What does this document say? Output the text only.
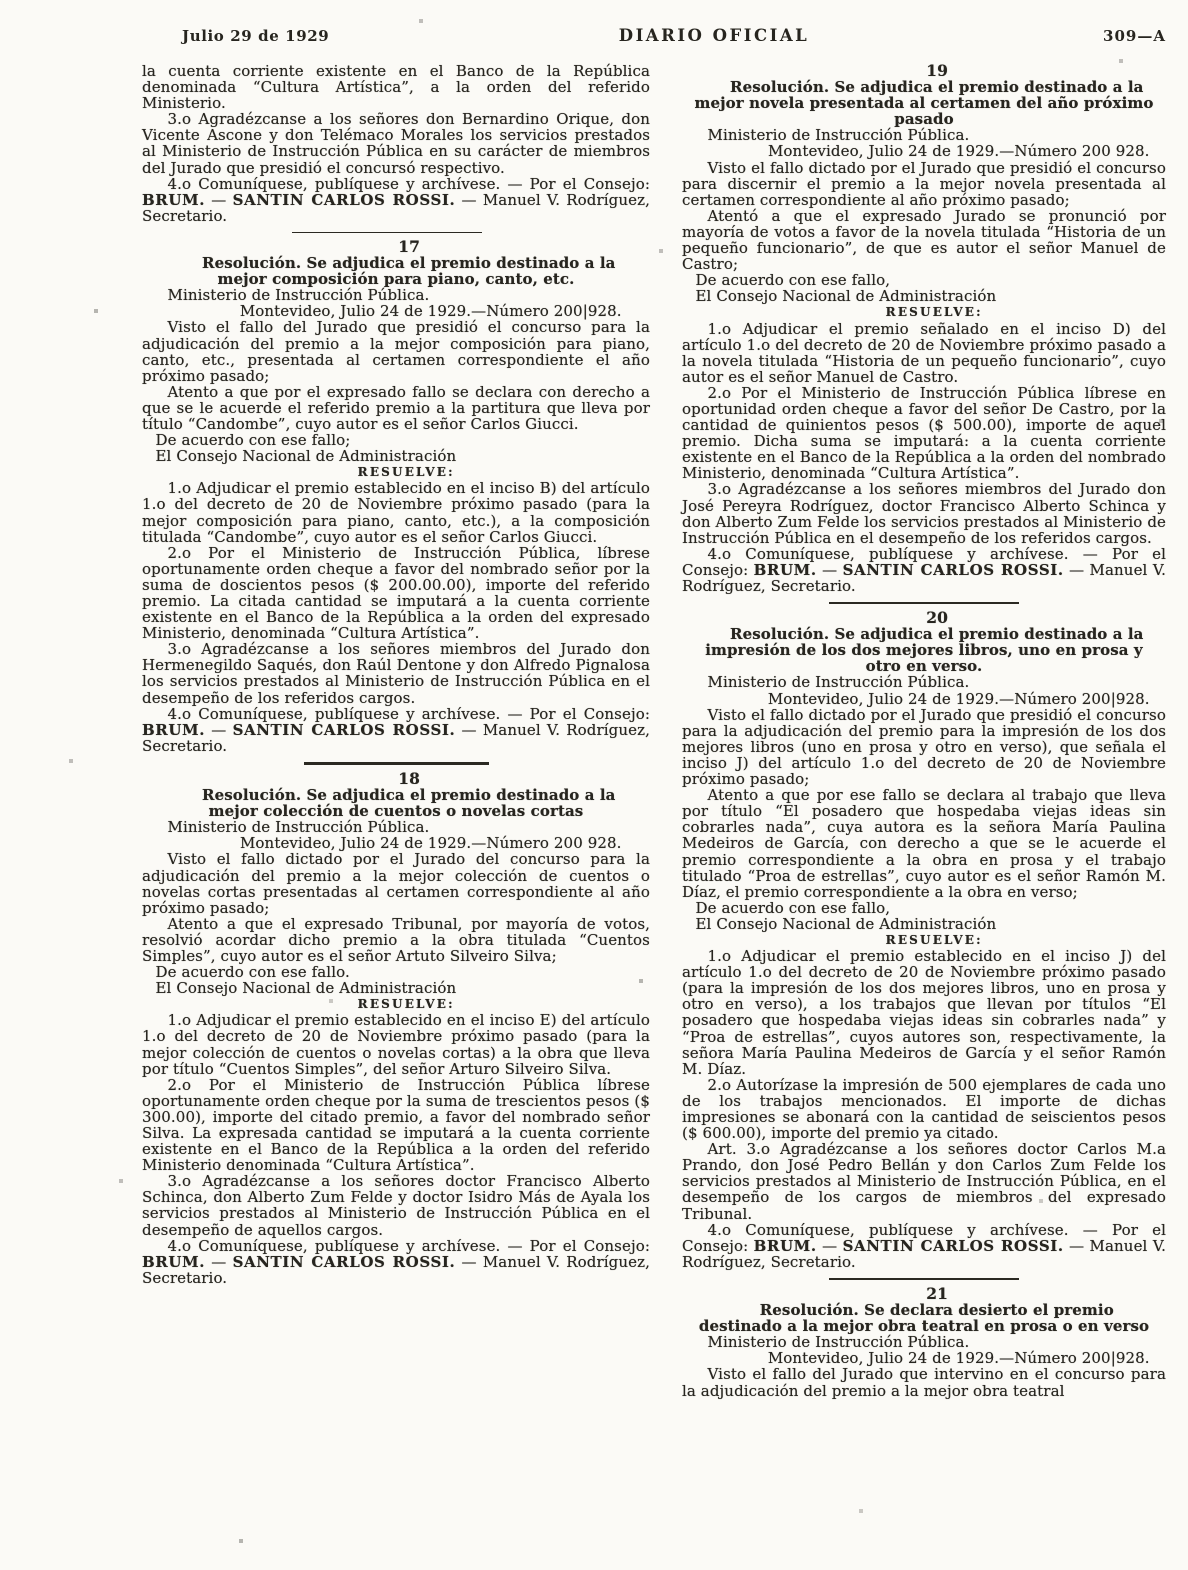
Julio 29 de 1929	DIARIO OFICIAL	309—A

la cuenta corriente existente en el Banco de la República denominada “Cultura Artística”, a la orden del referido Ministerio.

3.o Agradézcanse a los señores don Bernardino Orique, don Vicente Ascone y don Telémaco Morales los servicios prestados al Ministerio de Instrucción Pública en su carácter de miembros del Jurado que presidió el concursó respectivo.

4.o Comuníquese, publíquese y archívese. — Por el Consejo: BRUM. — SANTIN CARLOS ROSSI. — Manuel V. Rodríguez, Secretario.

17

Resolución. Se adjudica el premio destinado a la mejor composición para piano, canto, etc.

Ministerio de Instrucción Pública.

Montevideo, Julio 24 de 1929.—Número 200|928.

Visto el fallo del Jurado que presidió el concurso para la adjudicación del premio a la mejor composición para piano, canto, etc., presentada al certamen correspondiente el año próximo pasado;

Atento a que por el expresado fallo se declara con derecho a que se le acuerde el referido premio a la partitura que lleva por título “Candombe”, cuyo autor es el señor Carlos Giucci.

De acuerdo con ese fallo;

El Consejo Nacional de Administración

RESUELVE:

1.o Adjudicar el premio establecido en el inciso B) del artículo 1.o del decreto de 20 de Noviembre próximo pasado (para la mejor composición para piano, canto, etc.), a la composición titulada “Candombe”, cuyo autor es el señor Carlos Giucci.

2.o Por el Ministerio de Instrucción Pública, líbrese oportunamente orden cheque a favor del nombrado señor por la suma de doscientos pesos ($ 200.00.00), importe del referido premio. La citada cantidad se imputará a la cuenta corriente existente en el Banco de la República a la orden del expresado Ministerio, denominada “Cultura Artística”.

3.o Agradézcanse a los señores miembros del Jurado don Hermenegildo Saqués, don Raúl Dentone y don Alfredo Pignalosa los servicios prestados al Ministerio de Instrucción Pública en el desempeño de los referidos cargos.

4.o Comuníquese, publíquese y archívese. — Por el Consejo: BRUM. — SANTIN CARLOS ROSSI. — Manuel V. Rodríguez, Secretario.

18

Resolución. Se adjudica el premio destinado a la mejor colección de cuentos o novelas cortas

Ministerio de Instrucción Pública.

Montevideo, Julio 24 de 1929.—Número 200 928.

Visto el fallo dictado por el Jurado del concurso para la adjudicación del premio a la mejor colección de cuentos o novelas cortas presentadas al certamen correspondiente al año próximo pasado;

Atento a que el expresado Tribunal, por mayoría de votos, resolvió acordar dicho premio a la obra titulada “Cuentos Simples”, cuyo autor es el señor Artuto Silveiro Silva;

De acuerdo con ese fallo.

El Consejo Nacional de Administración

RESUELVE:

1.o Adjudicar el premio establecido en el inciso E) del artículo 1.o del decreto de 20 de Noviembre próximo pasado (para la mejor colección de cuentos o novelas cortas) a la obra que lleva por título “Cuentos Simples”, del señor Arturo Silveiro Silva.

2.o Por el Ministerio de Instrucción Pública líbrese oportunamente orden cheque por la suma de trescientos pesos ($ 300.00), importe del citado premio, a favor del nombrado señor Silva. La expresada cantidad se imputará a la cuenta corriente existente en el Banco de la República a la orden del referido Ministerio denominada “Cultura Artística”.

3.o Agradézcanse a los señores doctor Francisco Alberto Schinca, don Alberto Zum Felde y doctor Isidro Más de Ayala los servicios prestados al Ministerio de Instrucción Pública en el desempeño de aquellos cargos.

4.o Comuníquese, publíquese y archívese. — Por el Consejo: BRUM. — SANTIN CARLOS ROSSI. — Manuel V. Rodríguez, Secretario.

19

Resolución. Se adjudica el premio destinado a la mejor novela presentada al certamen del año próximo pasado

Ministerio de Instrucción Pública.

Montevideo, Julio 24 de 1929.—Número 200 928.

Visto el fallo dictado por el Jurado que presidió el concurso para discernir el premio a la mejor novela presentada al certamen correspondiente al año próximo pasado;

Atentó a que el expresado Jurado se pronunció por mayoría de votos a favor de la novela titulada “Historia de un pequeño funcionario”, de que es autor el señor Manuel de Castro;

De acuerdo con ese fallo,

El Consejo Nacional de Administración

RESUELVE:

1.o Adjudicar el premio señalado en el inciso D) del artículo 1.o del decreto de 20 de Noviembre próximo pasado a la novela titulada “Historia de un pequeño funcionario”, cuyo autor es el señor Manuel de Castro.

2.o Por el Ministerio de Instrucción Pública líbrese en oportunidad orden cheque a favor del señor De Castro, por la cantidad de quinientos pesos ($ 500.00), importe de aquel premio. Dicha suma se imputará: a la cuenta corriente existente en el Banco de la República a la orden del nombrado Ministerio, denominada “Cultura Artística”.

3.o Agradézcanse a los señores miembros del Jurado don José Pereyra Rodríguez, doctor Francisco Alberto Schinca y don Alberto Zum Felde los servicios prestados al Ministerio de Instrucción Pública en el desempeño de los referidos cargos.

4.o Comuníquese, publíquese y archívese. — Por el Consejo: BRUM. — SANTIN CARLOS ROSSI. — Manuel V. Rodríguez, Secretario.

20

Resolución. Se adjudica el premio destinado a la impresión de los dos mejores libros, uno en prosa y otro en verso.

Ministerio de Instrucción Pública.

Montevideo, Julio 24 de 1929.—Número 200|928.

Visto el fallo dictado por el Jurado que presidió el concurso para la adjudicación del premio para la impresión de los dos mejores libros (uno en prosa y otro en verso), que señala el inciso J) del artículo 1.o del decreto de 20 de Noviembre próximo pasado;

Atento a que por ese fallo se declara al trabajo que lleva por título “El posadero que hospedaba viejas ideas sin cobrarles nada”, cuya autora es la señora María Paulina Medeiros de García, con derecho a que se le acuerde el premio correspondiente a la obra en prosa y el trabajo titulado “Proa de estrellas”, cuyo autor es el señor Ramón M. Díaz, el premio correspondiente a la obra en verso;

De acuerdo con ese fallo,

El Consejo Nacional de Administración

RESUELVE:

1.o Adjudicar el premio establecido en el inciso J) del artículo 1.o del decreto de 20 de Noviembre próximo pasado (para la impresión de los dos mejores libros, uno en prosa y otro en verso), a los trabajos que llevan por títulos “El posadero que hospedaba viejas ideas sin cobrarles nada” y “Proa de estrellas”, cuyos autores son, respectivamente, la señora María Paulina Medeiros de García y el señor Ramón M. Díaz.

2.o Autorízase la impresión de 500 ejemplares de cada uno de los trabajos mencionados. El importe de dichas impresiones se abonará con la cantidad de seiscientos pesos ($ 600.00), importe del premio ya citado.

Art. 3.o Agradézcanse a los señores doctor Carlos M.a Prando, don José Pedro Bellán y don Carlos Zum Felde los servicios prestados al Ministerio de Instrucción Pública, en el desempeño de los cargos de miembros del expresado Tribunal.

4.o Comuníquese, publíquese y archívese. — Por el Consejo: BRUM. — SANTIN CARLOS ROSSI. — Manuel V. Rodríguez, Secretario.

21

Resolución. Se declara desierto el premio destinado a la mejor obra teatral en prosa o en verso

Ministerio de Instrucción Pública.

Montevideo, Julio 24 de 1929.—Número 200|928.

Visto el fallo del Jurado que intervino en el concurso para la adjudicación del premio a la mejor obra teatral
